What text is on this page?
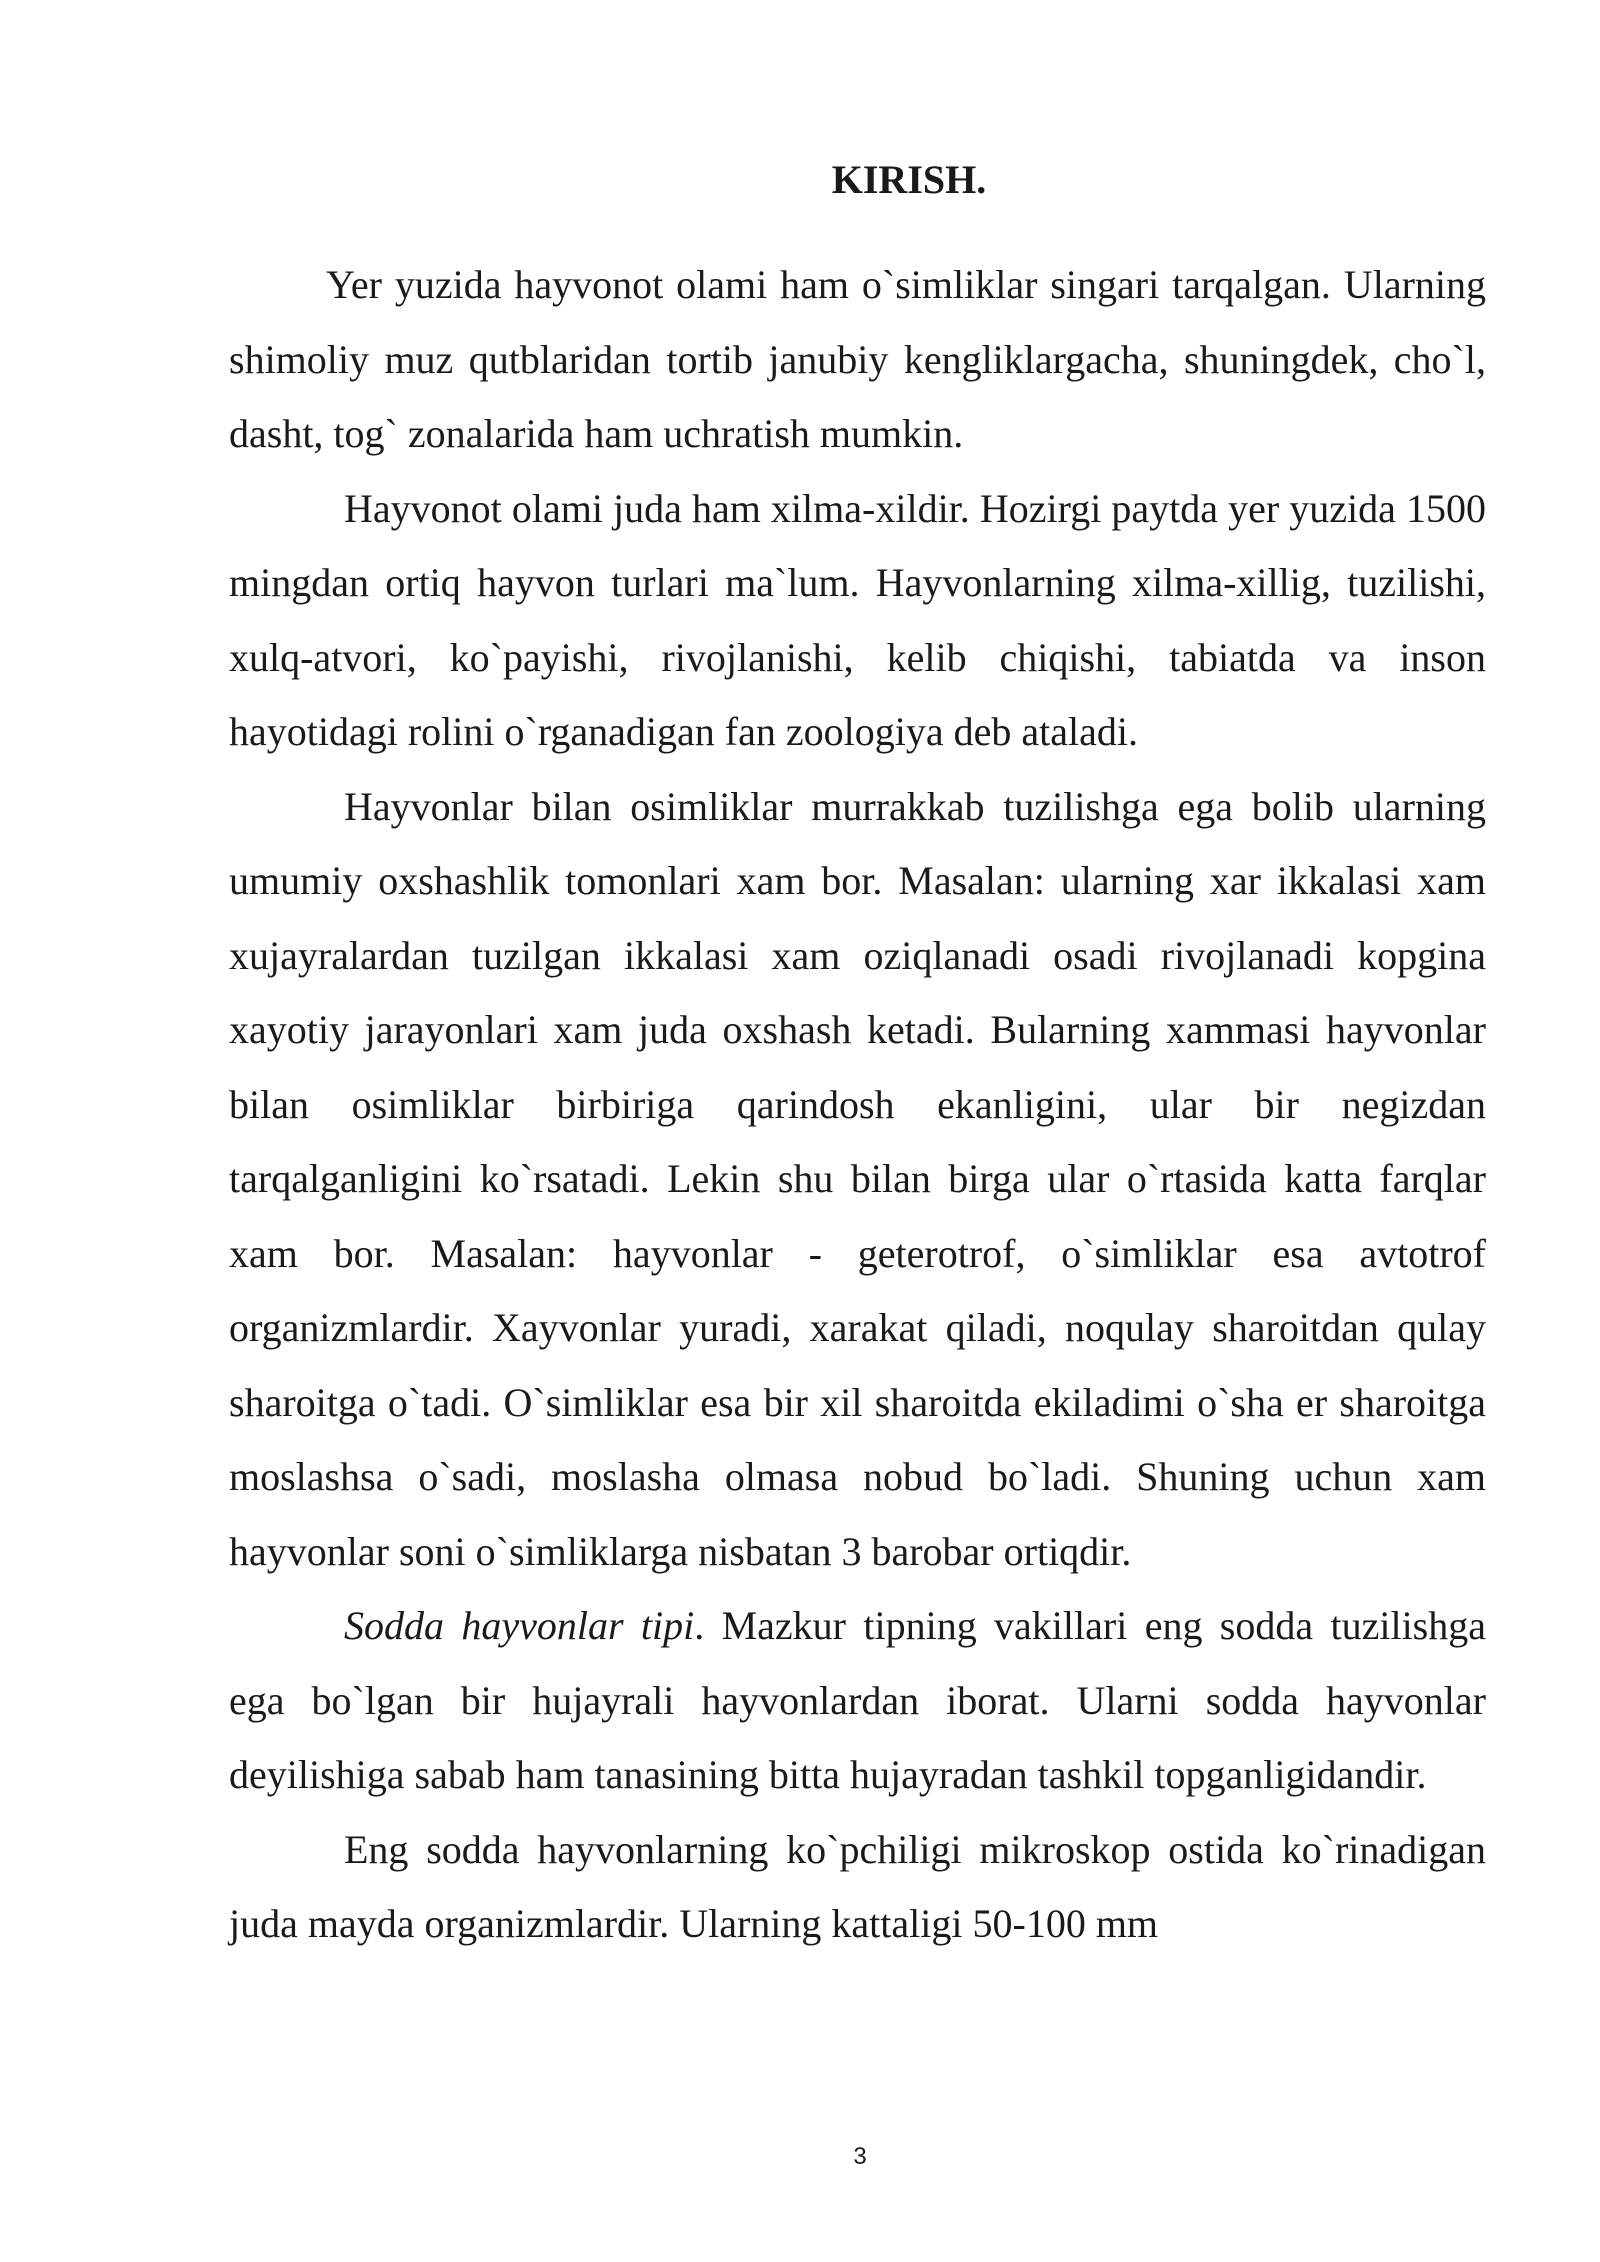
KIRISH.

Yer yuzida hayvonot olami ham o`simliklar singari tarqalgan. Ularning shimoliy muz qutblaridan tortib janubiy kengliklargacha, shuningdek, cho`l, dasht, tog` zonalarida ham uchratish mumkin.

Hayvonot olami juda ham xilma-xildir. Hozirgi paytda yer yuzida 1500 mingdan ortiq hayvon turlari ma`lum. Hayvonlarning xilma-xillig, tuzilishi, xulq-atvori, ko`payishi, rivojlanishi, kelib chiqishi, tabiatda va inson hayotidagi rolini o`rganadigan fan zoologiya deb ataladi.

Hayvonlar bilan osimliklar murrakkab tuzilishga ega bolib ularning umumiy oxshashlik tomonlari xam bor. Masalan: ularning xar ikkalasi xam xujayralardan tuzilgan ikkalasi xam oziqlanadi osadi rivojlanadi kopgina xayotiy jarayonlari xam juda oxshash ketadi. Bularning xammasi hayvonlar bilan osimliklar birbiriga qarindosh ekanligini, ular bir negizdan tarqalganligini ko`rsatadi. Lekin shu bilan birga ular o`rtasida katta farqlar xam bor. Masalan: hayvonlar - geterotrof, o`simliklar esa avtotrof organizmlardir. Xayvonlar yuradi, xarakat qiladi, noqulay sharoitdan qulay sharoitga o`tadi. O`simliklar esa bir xil sharoitda ekiladimi o`sha er sharoitga moslashsa o`sadi, moslasha olmasa nobud bo`ladi. Shuning uchun xam hayvonlar soni o`simliklarga nisbatan 3 barobar ortiqdir.

Sodda hayvonlar tipi. Mazkur tipning vakillari eng sodda tuzilishga ega bo`lgan bir hujayrali hayvonlardan iborat. Ularni sodda hayvonlar deyilishiga sabab ham tanasining bitta hujayradan tashkil topganligidandir.

Eng sodda hayvonlarning ko`pchiligi mikroskop ostida ko`rinadigan juda mayda organizmlardir. Ularning kattaligi 50-100 mm

3
